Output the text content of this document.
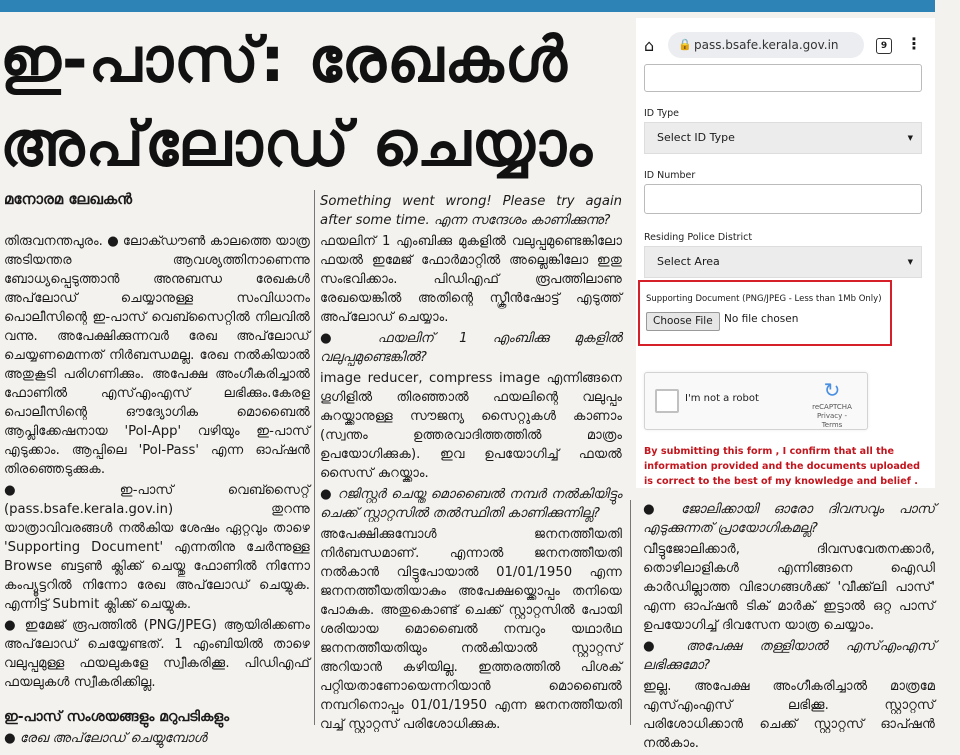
ഇ-പാസ്: രേഖകൾ
അപ്‌ലോഡ് ചെയ്യാം
മനോരമ ലേഖകൻ

തിരുവനന്തപുരം. ● ലോക്ഡൗൺ കാലത്തെ യാത്ര അടിയന്തര ആവശ്യത്തിനാണെന്നു ബോധ്യപ്പെടുത്താൻ അനുബന്ധ രേഖകൾ അപ്‌ലോഡ് ചെയ്യാനുള്ള സംവിധാനം പൊലീസിന്റെ ഇ-പാസ് വെബ്സൈറ്റിൽ നിലവിൽ വന്നു. അപേക്ഷിക്കുന്നവർ രേഖ അപ്‌ലോഡ് ചെയ്യണമെന്നത് നിർബന്ധമല്ല. രേഖ നൽകിയാൽ അതുകൂടി പരിഗണിക്കും. അപേക്ഷ അംഗീകരിച്ചാൽ ഫോണിൽ എസ്എംഎസ് ലഭിക്കും.കേരള പൊലീസിന്റെ ഔദ്യോഗിക മൊബൈൽ ആപ്ലിക്കേഷനായ 'Pol-App' വഴിയും ഇ-പാസ് എടുക്കാം. ആപ്പിലെ 'Pol-Pass' എന്ന ഓപ്ഷൻ തിരഞ്ഞെടുക്കുക.

● ഇ-പാസ് വെബ്സൈറ്റ് (pass.bsafe.kerala.gov.in) തുറന്നു യാത്രാവിവരങ്ങൾ നൽകിയ ശേഷം ഏറ്റവും താഴെ 'Supporting Document' എന്നതിനു ചേർന്നുള്ള Browse ബട്ടൺ ക്ലിക്ക് ചെയ്തു ഫോണിൽ നിന്നോ കംപ്യൂട്ടറിൽ നിന്നോ രേഖ അപ്‌ലോഡ് ചെയ്യുക. എന്നിട്ട് Submit ക്ലിക്ക് ചെയ്യുക.

● ഇമേജ് രൂപത്തിൽ (PNG/JPEG) ആയിരിക്കണം അപ്‌ലോഡ് ചെയ്യേണ്ടത്. 1 എംബിയിൽ താഴെ വലുപ്പമുള്ള ഫയലുകളേ സ്വീകരിക്കൂ. പിഡിഎഫ് ഫയലുകൾ സ്വീകരിക്കില്ല.

ഇ-പാസ് സംശയങ്ങളും മറുപടികളും

● രേഖ അപ്‌ലോഡ് ചെയ്യുമ്പോൾ

Something went wrong! Please try again after some time. എന്ന സന്ദേശം കാണിക്കുന്നു?

ഫയലിന് 1 എംബിക്കു മുകളിൽ വലുപ്പമുണ്ടെങ്കിലോ ഫയൽ ഇമേജ് ഫോർമാറ്റിൽ അല്ലെങ്കിലോ ഇതു സംഭവിക്കാം. പിഡിഎഫ് രൂപത്തിലാണു രേഖയെങ്കിൽ അതിന്റെ സ്ക്രീൻഷോട്ട് എടുത്ത് അപ്‌ലോഡ് ചെയ്യാം.

● ഫയലിന് 1 എംബിക്കു മുകളിൽ വലുപ്പമുണ്ടെങ്കിൽ?

image reducer, compress image എന്നിങ്ങനെ ഗൂഗിളിൽ തിരഞ്ഞാൽ ഫയലിന്റെ വലുപ്പം കുറയ്ക്കാനുള്ള സൗജന്യ സൈറ്റുകൾ കാണാം (സ്വന്തം ഉത്തരവാദിത്തത്തിൽ മാത്രം ഉപയോഗിക്കുക). ഇവ ഉപയോഗിച്ച് ഫയൽ സൈസ് കുറയ്ക്കാം.

● റജിസ്റ്റർ ചെയ്ത മൊബൈൽ നമ്പർ നൽകിയിട്ടും ചെക്ക് സ്റ്റാറ്റസിൽ തൽസ്ഥിതി കാണിക്കുന്നില്ല?

അപേക്ഷിക്കുമ്പോൾ ജനനത്തീയതി നിർബന്ധമാണ്. എന്നാൽ ജനനത്തീയതി നൽകാൻ വിട്ടുപോയാൽ 01/01/1950 എന്ന ജനനത്തീയതിയാകും അപേക്ഷയ്ക്കൊപ്പം തനിയെ പോകുക. അതുകൊണ്ട് ചെക്ക് സ്റ്റാറ്റസിൽ പോയി ശരിയായ മൊബൈൽ നമ്പറും യഥാർഥ ജനനത്തീയതിയും നൽകിയാൽ സ്റ്റാറ്റസ് അറിയാൻ കഴിയില്ല. ഇത്തരത്തിൽ പിശക് പറ്റിയതാണോയെന്നറിയാൻ മൊബൈൽ നമ്പറിനൊപ്പം 01/01/1950 എന്ന ജനനത്തീയതി വച്ച് സ്റ്റാറ്റസ് പരിശോധിക്കുക.

⌂ 🔒 pass.bsafe.kerala.gov.in	9	⋮
ID Type
Select ID Type	▼
ID Number
Residing Police District
Select Area	▼
Supporting Document (PNG/JPEG - Less than 1Mb Only)
Choose File	No file chosen
I'm not a robot	↻
reCAPTCHA
Privacy - Terms
By submitting this form , I confirm that all the information provided and the documents uploaded is correct to the best of my knowledge and belief .

● ജോലിക്കായി ഓരോ ദിവസവും പാസ് എടുക്കുന്നത് പ്രായോഗികമല്ല?

വീട്ടുജോലിക്കാർ, ദിവസവേതനക്കാർ, തൊഴിലാളികൾ എന്നിങ്ങനെ ഐഡി കാർഡില്ലാത്ത വിഭാഗങ്ങൾക്ക് 'വീക്ക്‌ലി പാസ്' എന്ന ഓപ്ഷൻ ടിക് മാർക് ഇട്ടാൽ ഒറ്റ പാസ് ഉപയോഗിച്ച് ദിവസേന യാത്ര ചെയ്യാം.

● അപേക്ഷ തള്ളിയാൽ എസ്എംഎസ് ലഭിക്കുമോ?

ഇല്ല. അപേക്ഷ അംഗീകരിച്ചാൽ മാത്രമേ എസ്എംഎസ് ലഭിക്കൂ. സ്റ്റാറ്റസ് പരിശോധിക്കാൻ ചെക്ക് സ്റ്റാറ്റസ് ഓപ്ഷൻ നൽകാം.
